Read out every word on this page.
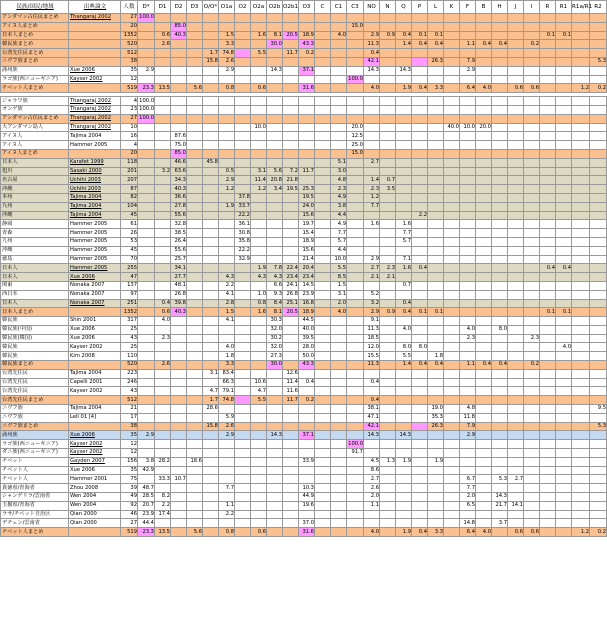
民族/国民/地域	出典論文	人数	D*	D1	D2	D3	O/O*	O1a	O2	O2a	O2b	O2b1	O3	C	C1	C3	NO	N	Q	P	L	K	F	B	H	J	I	R	R1	R1a/R1	R2
アンダマン古住民まとめ	Thangaraj 2002	27	100.0																												
アイヌ人まとめ		20			85.0											15.0															
日本人まとめ		1352		0.6	40.3			1.5		1.6	8.1	20.5	18.9		4.0		2.9	0.9	0.4	0.1	0.1							0.1	0.1		
韓民族まとめ		520		2.6				3.3			30.0		43.3				11.3		1.4	0.4	0.4		1.1	0.4	0.4		0.2				
台湾先住民まとめ		512					1.7	74.8		5.5		11.7	0.2				0.4														
ニヴフ族まとめ		38					15.8	2.6									42.1				26.3		7.9								5.3
満州族	Xue 2006	35	2.9					2.9			14.3		37.1				14.3		14.3				2.9								
ラゴ族(西ニューギニア)	Kayser 2002	12														100.0															
チベット人まとめ		519	23.3	13.5		5.6		0.8		0.6			31.6				4.0		1.9	0.4	3.3		6.4	4.0		0.6	0.6			1.2	0.2

ジャラワ族	Thangaraj 2002	4	100.0																												
オンゲ族	Thangaraj 2002	23	100.0																												
アンダマン古住民まとめ	Thangaraj 2002	27	100.0																												
大アンダマン島人	Thangaraj 2002	10								10.0						20.0						40.0	10.0	20.0							
アイヌ人	Tajima 2004	16			87.6											12.5															
アイヌ人	Hammer 2005	4			75.0											25.0															
アイヌ人まとめ		20			85.0											15.0															
日本人	Karafet 1999	118			46.6		45.8								5.1		2.7														
旭川	Sasaki 2000	201		3.2	63.6			0.5		3.1	5.6	7.2	11.7		3.0																
名古屋	Uchihi 2003	207			34.3			2.9		11.4	20.8	21.8			4.8		1.4	0.7													
沖縄	Uchihi 2003	87			40.3			1.2		1.2	3.4	19.5	25.3		2.3		2.3	3.5													
本州	Tajima 2004	82			36.6				37.8				19.5		4.9		1.2														
九州	Tajima 2004	104			27.8			1.9	33.7				24.0		3.8		7.7														
沖縄	Tajima 2004	45			55.6				22.2				15.6		4.4					2.2											
静岡	Hammer 2005	61			32.8				36.1				19.7		4.9		1.6		1.6												
青森	Hammer 2005	26			38.5				30.8				15.4		7.7				7.7												
九州	Hammer 2005	53			26.4				35.8				18.9		5.7				5.7												
沖縄	Hammer 2005	45			55.6				22.2				15.6		4.4																
徳島	Hammer 2005	70			25.7				32.9				21.4		10.0		2.9		7.1												
日本人	Hammer 2005	255			34.1					1.9	7.8	22.4	20.4		5.5		2.7	2.3	1.6	0.4								0.4	0.4		
日本人	Xue 2006	47			27.7			4.3		4.3	4.3	23.4	23.4		8.5		2.1	2.1													
関東	Nonaka 2007	137			48.1			2.2			6.6	24.1	14.5		1.5				0.7												
西日本	Nonaka 2007	97			26.8			4.1		1.0	9.3	26.8	23.9		3.1		5.2														
日本人	Nonaka 2007	251		0.4	39.8			2.8		0.8	8.4	25.1	16.8		2.0		3.2		0.4												
日本人まとめ		1352		0.6	40.3			1.5		1.6	8.1	20.5	18.9		4.0		2.9	0.9	0.4	0.1	0.1							0.1	0.1		
韓民族	Shin 2001	317		4.0				4.1			30.3		44.5				9.1														
韓民族(中国)	Xue 2006	25									32.0		40.0				11.3		4.0				4.0		8.0						
韓民族(韓国)	Xue 2006	43		2.3							30.2		39.5				18.5						2.3				2.3				
韓民族	Kayser 2002	25						4.0			32.0		28.0				12.0		8.0	8.0									4.0		
韓民族	Kim 2008	110						1.8			27.3		50.0				15.5		5.5		1.8										
韓民族まとめ		520		2.6				3.3			30.0		43.3				11.3		1.4	0.4	0.4		1.1	0.4	0.4		0.2				
台湾先住民	Tajima 2004	223					3.1	83.4				12.6																			
台湾先住民	Capelli 2001	246						66.3		10.6		11.4	0.4				0.4														
台湾先住民	Kayser 2002	43					4.7	79.1		4.7		11.6																			
台湾先住民まとめ		512					1.7	74.8		5.5		11.7	0.2				0.4														
ニヴフ族	Tajima 2004	21					28.6										38.1				19.0		4.8								9.5
ニヴフ族	Lell 01 [4]	17						5.9									47.1				35.3		11.8								
ニヴフ族まとめ		38					15.8	2.6									42.1				26.3		7.9								5.3
満州族	Xue 2006	35	2.9					2.9			14.3		37.1				14.3		14.3				2.9								
ラゴ族(西ニューギニア)	Kayser 2002	12														100.0															
ダニ族(西ニューギニア)	Kayser 2002	12														91.7															
チベット	Gayden 2007	156	3.8	28.2		18.6							33.9				4.5	1.3	1.9		1.9										
チベット人	Xue 2006	35	42.9														8.6														
チベット人	Hammer 2001	75		33.3	10.7												2.7						6.7		5.3	2.7					
貴徳県/青海省	Zhou 2008	39	48.7					7.7					10.3				2.6						7.7								
シャンゲリラ/雲南省	Wen 2004	49	28.5	8.2									44.9				2.0						2.0		14.3						
玉樹県/青海省	Wen 2004	92	20.7	2.2				1.1					19.6				1.1						6.5		21.7	14.1					
ラサ/チベット自治区	Qian 2000	46	23.9	17.4				2.2																							
デチェン/雲南省	Qian 2000	27	44.4										37.0										14.8		3.7						
チベット人まとめ		519	23.3	13.5		5.6		0.8		0.6			31.6				4.0		1.9	0.4	3.3		6.4	4.0		0.6	0.6			1.2	0.2
